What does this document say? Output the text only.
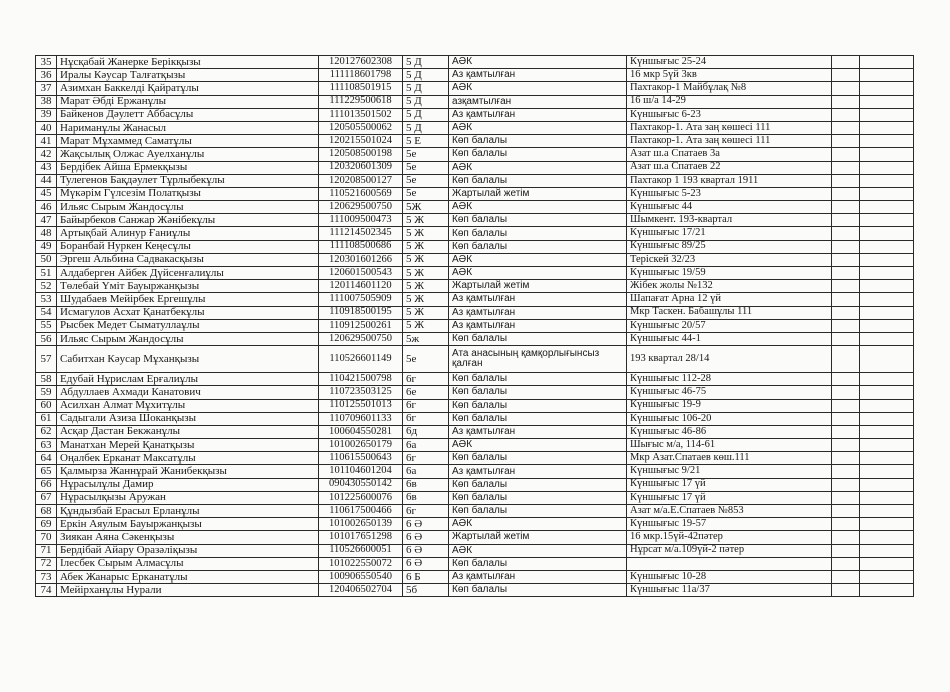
35	Нұсқабай Жанерке Берікқызы	120127602308	5 Д	АӘК	Күншығыс 25-24		
36	Иралы Кәусар Талғатқызы	111118601798	5 Д	Аз қамтылған	16 мкр 5үй 3кв		
37	Азимхан Баккелді Қайратұлы	111108501915	5 Д	АӘК	Пахтакор-1 Майбұлақ №8		
38	Марат Әбді Ержанұлы	111229500618	5 Д	азқамтылған	16 ш/а 14-29		
39	Байкенов Дәулетт Аббасұлы	111013501502	5 Д	Аз қамтылған	Күншығыс 6-23		
40	Нариманұлы Жанасыл	120505500062	5 Д	АӘК	Пахтакор-1. Ата заң көшесі 111		
41	Марат Мұхаммед Саматұлы	120215501024	5 Е	Көп балалы	Пахтакор-1. Ата заң көшесі 111		
42	Жақсылық Олжас Ауелханұлы	120508500198	5е	Көп балалы	Азат ш.а Спатаев 3а		
43	Бердібек Айша Ермекқызы	120320601309	5е	АӘК	Азат ш.а Спатаев 22		
44	Тулегенов Бақдәулет Тұрлыбекұлы	120208500127	5е	Көп балалы	Пахтакор 1 193 квартал 1911		
45	Мүкәрім Гүлсезім Полатқызы	110521600569	5е	Жартылай жетім	Күншығыс 5-23		
46	Ильяс Сырым Жандосұлы	120629500750	5Ж	АӘК	Күншығыс 44		
47	Байырбеков Санжар Жәнібекұлы	111009500473	5 Ж	Көп балалы	Шымкент. 193-квартал		
48	Артықбай Алинур Ғаниұлы	111214502345	5 Ж	Көп балалы	Күншығыс 17/21		
49	Боранбай Нуркен Кеңесұлы	111108500686	5 Ж	Көп балалы	Күншығыс 89/25		
50	Эргеш Альбина Садвакасқызы	120301601266	5 Ж	АӘК	Терiскей 32/23		
51	Алдаберген Айбек Дүйсенғалиұлы	120601500543	5 Ж	АӘК	Күншығыс 19/59		
52	Төлебай Үміт Бауыржанқызы	120114601120	5 Ж	Жартылай жетім	Жібек жолы №132		
53	Шудабаев Мейірбек Ергешұлы	111007505909	5 Ж	Аз қамтылған	Шапағат Арна 12 үй		
54	Исмагулов Асхат Қанатбекұлы	110918500195	5 Ж	Аз қамтылған	Мкр Таскен. Бабашұлы 111		
55	Рысбек Медет Сыматуллаұлы	110912500261	5 Ж	Аз қамтылған	Күншығыс 20/57		
56	Ильяс Сырым Жандосұлы	120629500750	5ж	Көп балалы	Күншығыс 44-1		
57	Сабитхан Кәусар Мұханқызы	110526601149	5е	Ата анасының қамқорлығынсыз қалған	193 квартал 28/14		
58	Едубай Нұрислам Ерғалиұлы	110421500798	6г	Көп балалы	Күншығыс 112-28		
59	Абдуллаев Ахмади Канатович	110723503125	6е	Көп балалы	Күншығыс 46-75		
60	Асилхан Алмат Мұхитұлы	110125501013	6г	Көп балалы	Күншығыс 19-9		
61	Садыгали Азиза Шоканқызы	110709601133	6г	Көп балалы	Күншығыс 106-20		
62	Асқар Дастан Бекжанұлы	100604550281	6д	Аз қамтылған	Күншығыс 46-86		
63	Манатхан Мерей Қанатқызы	101002650179	6а	АӘК	Шығыс м/а, 114-61		
64	Оңалбек Ерканат Максатұлы	110615500643	6г	Көп балалы	Мкр Азат.Спатаев көш.111		
65	Қалмырза Жаннұрай Жанибекқызы	101104601204	6а	Аз қамтылған	Күншығыс 9/21		
66	Нұрасылұлы Дамир	090430550142	6в	Көп балалы	Күншығыс 17 үй		
67	Нұрасылқызы Аружан	101225600076	6в	Көп балалы	Күншығыс 17 үй		
68	Құндызбай Ерасыл Ерланұлы	110617500466	6г	Көп балалы	Азат м/а.Е.Спатаев №853		
69	Еркін Аяулым Бауыржанқызы	101002650139	6 Ә	АӘК	Күншығыс 19-57		
70	Зиякан Аяна Сәкенқызы	101017651298	6 Ә	Жартылай жетім	16 мкр.15үй-42пәтер		
71	Бердібай Айару Оразәліқызы	110526600051	6 Ә	АӘК	Нұрсат м/а.109үй-2 пәтер		
72	Ілесбек Сырым Алмасұлы	101022550072	6 Ә	Көп балалы			
73	Абек Жанарыс Ерканатұлы	100906550540	6 Б	Аз қамтылған	Күншығыс 10-28		
74	Мейірханұлы Нурали	120406502704	5б	Көп балалы	Күншығыс 11а/37		
